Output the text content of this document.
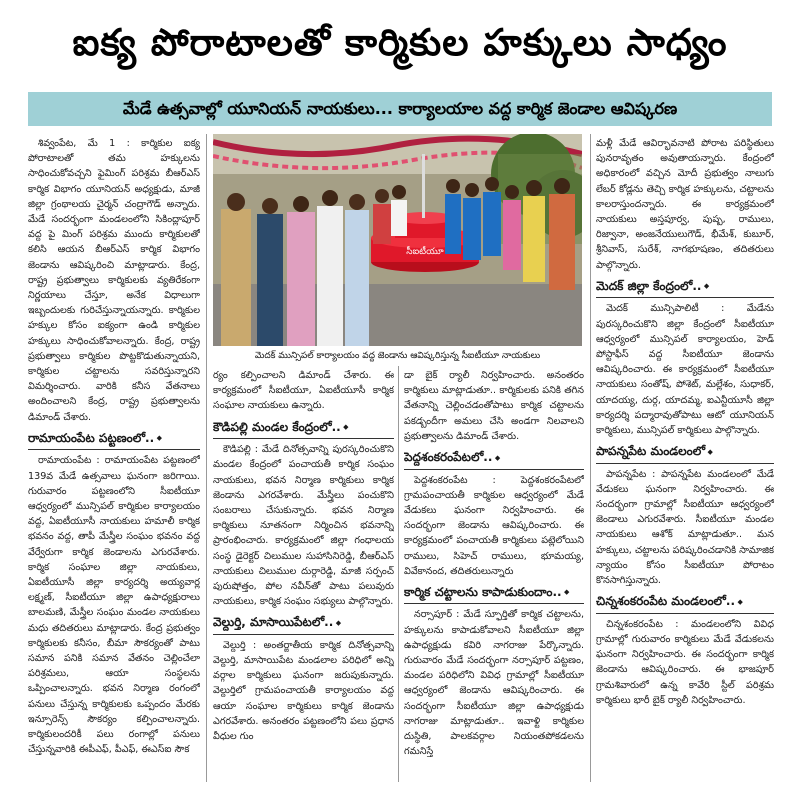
ఐక్య పోరాటాలతో కార్మికుల హక్కులు సాధ్యం
మేడే ఉత్సవాల్లో యూనియన్ నాయకులు... కార్యాలయాల వద్ద కార్మిక జెండాల ఆవిష్కరణ

శివ్వంపేట, మే 1 : కార్మికుల ఐక్య పోరాటాలతో తమ హక్కులను సాధించుకోవచ్చని ఫైమింగ్ పరిశ్రమ బీఆర్ఎస్ కార్మిక విభాగం యూనియన్ అధ్యక్షుడు, మాజీ జిల్లా గ్రంథాలయ చైర్మన్ చంద్రాగౌడ్ అన్నారు. మేడే సందర్భంగా మండలంలోని సికింద్లాపూర్ వద్ద పై మింగ్ పరిశ్రమ ముందు కార్మికులతో కలిసి ఆయన బీఆర్ఎస్ కార్మిక విభాగం జెండాను ఆవిష్కరించి మాట్లాడారు. కేంద్ర, రాష్ట్ర ప్రభుత్వాలు కార్మికులకు వ్యతిరేకంగా నిర్ణయాలు చేస్తూ, అనేక విధాలుగా ఇబ్బందులకు గురిచేస్తున్నాయన్నారు. కార్మికుల హక్కుల కోసం ఐక్యంగా ఉండి కార్మికుల హక్కులు సాధించుకోవాలన్నారు. కేంద్ర, రాష్ట్ర ప్రభుత్వాలు కార్మికుల పొట్టకొడుతున్నాయని, కార్మికుల చట్టాలను సవరిస్తున్నారని విమర్శించారు. వారికి కనీస వేతనాలు అందించాలని కేంద్ర, రాష్ట్ర ప్రభుత్వాలను డిమాండ్ చేశారు.

రామాయంపేట పట్టణంలో.. ◆

రామాయంపేట : రామాయంపేట పట్టణంలో 139వ మేడే ఉత్సవాలు ఘనంగా జరిగాయి. గురువారం పట్టణంలోని సీఐటీయూ ఆధ్వర్యంలో మున్సిపల్ కార్మికుల కార్యాలయం వద్ద, ఏఐటీయూసీ నాయకులు హమాలీ కార్మిక భవనం వద్ద, తాపీ మేస్త్రీల సంఘం భవనం వద్ద వేర్వేరుగా కార్మిక జెండాలను ఎగురవేశారు. కార్మిక సంఘాల జిల్లా నాయకులు, ఏఐటీయూసీ జిల్లా కార్యదర్శి అయ్యవార్ల లక్ష్మణ్, సీఐటీయూ జిల్లా ఉపాధ్యక్షురాలు బాలమణి, మేస్త్రీల సంఘం మండల నాయకులు మధు తదితరులు మాట్లాడారు. కేంద్ర ప్రభుత్వం కార్మికులకు కనీసం, బీమా సౌకర్యంతో పాటు సమాన పనికి సమాన వేతనం చెల్లించేలా పరిశ్రమలు, ఆయా సంస్థలను ఒప్పించాలన్నారు. భవన నిర్మాణ రంగంలో పనులు చేస్తున్న కార్మికులకు ఒప్పందం మేరకు ఇన్సూరెన్స్ సౌకర్యం కల్పించాలన్నారు. కార్మికులందరికీ పలు రంగాల్లో పనులు చేస్తున్నవారికి ఈపీఎఫ్, పీఎఫ్, ఈఎస్ఐ సౌక

సీఐటీయూ
మెదక్ మున్సిపల్ కార్యాలయం వద్ద జెండాను ఆవిష్కరిస్తున్న సీఐటీయూ నాయకులు

ర్యం కల్పించాలని డిమాండ్ చేశారు. ఈ కార్యక్రమంలో సీఐటీయూ, ఏఐటీయూసీ కార్మిక సంఘాల నాయకులు ఉన్నారు.

కౌడిపల్లి మండల కేంద్రంలో.. ◆

కౌడిపల్లి : మేడే దినోత్సవాన్ని పురస్కరించుకొని మండల కేంద్రంలో పంచాయతీ కార్మిక సంఘం నాయకులు, భవన నిర్మాణ కార్మికులు కార్మిక జెండాను ఎగరవేశారు. మేస్త్రీలు పంచుకొని సంబరాలు చేసుకున్నారు. భవన నిర్మాణ కార్మికులు నూతనంగా నిర్మించిన భవనాన్ని ప్రారంభించారు. కార్యక్రమంలో జిల్లా గంధాలయ సంస్థ డైరెక్టర్ చిలుముల సుహాసినిరెడ్డి, బీఆర్ఎస్ నాయకులు చిలుముల దుర్గారెడ్డి, మాజీ సర్పంచ్ పురుషోత్తం, పోల నవీన్‌తో పాటు పలువురు నాయకులు, కార్మిక సంఘం సభ్యులు పాల్గొన్నారు.

వెల్దుర్తి, మాసాయిపేటలో.. ◆

వెల్దుర్తి : అంతర్జాతీయ కార్మిక దినోత్సవాన్ని వెల్దుర్తి, మాసాయిపేట మండలాల పరిధిలో అన్ని వర్గాల కార్మికులు ఘనంగా జరుపుకున్నారు. వెల్దుర్తిలో గ్రామపంచాయతీ కార్యాలయం వద్ద ఆయా సంఘాల కార్మికులు కార్మిక జెండాను ఎగరవేశారు. అనంతరం పట్టణంలోని పలు ప్రధాన వీధుల గుం

డా బైక్ ర్యాలీ నిర్వహించారు. అనంతరం కార్మికులు మాట్లాడుతూ.. కార్మికులకు పనికి తగిన వేతనాన్ని చెల్లించడంతోపాటు కార్మిక చట్టాలను పకడ్బందీగా అమలు చేసి అండగా నిలవాలని ప్రభుత్వాలను డిమాండ్ చేశారు.

పెద్దశంకరంపేటలో.. ◆

పెద్దశంకరంపేట : పెద్దశంకరంపేటలో గ్రామపంచాయతీ కార్మికుల ఆధ్వర్యంలో మేడే వేడుకలు ఘనంగా నిర్వహించారు. ఈ సందర్భంగా జెండాను ఆవిష్కరించారు. ఈ కార్యక్రమంలో పంచాయతీ కార్మికులు పట్లెలోయిని రాములు, సిహెచ్ రాములు, భూమయ్య, వివేకానంద, తదితరులున్నారు

కార్మిక చట్టాలను కాపాడుకుందాం.. ◆

నర్సాపూర్ : మేడే స్ఫూర్తితో కార్మిక చట్టాలను, హక్కులను కాపాడుకోవాలని సీఐటీయూ జిల్లా ఉపాధ్యక్షుడు కవిరి నాగరాజు పేర్కొన్నారు. గురువారం మేడే సందర్భంగా నర్సాపూర్ పట్టణం, మండల పరిధిలోని వివిధ గ్రామాల్లో సీఐటీయూ ఆధ్వర్యంలో జెండాను ఆవిష్కరించారు. ఈ సందర్భంగా సీఐటీయూ జిల్లా ఉపాధ్యక్షుడు నాగరాజు మాట్లాడుతూ.. ఇవాళ్టి కార్మికుల దుస్థితి, పాలకవర్గాల నియంతపోకడలను గమనిస్తే

మళ్లీ మేడే ఆవిర్భావనాటి పోరాట పరిస్థితులు పునరావృతం అవుతాయన్నారు. కేంద్రంలో అధికారంలో వచ్చిన మోదీ ప్రభుత్వం నాలుగు లేబర్ కోడ్లను తెచ్చి కార్మిక హక్కులను, చట్టాలను కాలరాస్తుందన్నారు. ఈ కార్యక్రమంలో నాయకులు అస్తపూర్వ, పుష్ప, రాములు, రిజ్వానా, అంజనేయులుగౌడ్, భీమేశ్, కుబూర్, శ్రీనివాస్, సురేశ్, నాగభూషణం, తదితరులు పాల్గొన్నారు.

మెదక్ జిల్లా కేంద్రంలో.. ◆

మెదక్ మున్సిపాలిటీ : మేడేను పురస్కరించుకొని జిల్లా కేంద్రంలో సీఐటీయూ ఆధ్వర్యంలో మున్సిపల్ కార్యాలయం, హెడ్ పోస్టాఫీస్ వద్ద సీఐటీయూ జెండాను ఆవిష్కరించారు. ఈ కార్యక్రమంలో సీఐటీయూ నాయకులు సంతోష్, పోశెట్, మల్లేశం, సుధాకర్, యాదయ్య, దుర్గ, యాదమ్మ, ఐఎన్టీయూసీ జిల్లా కార్యదర్శి పద్మారావుతోపాటు ఆటో యూనియన్ కార్మికులు, మున్సిపల్ కార్మికులు పాల్గొన్నారు.

పాపన్నపేట మండలంలో ◆

పాపన్నపేట : పాపన్నపేట మండలంలో మేడే వేడుకలు ఘనంగా నిర్వహించారు. ఈ సందర్భంగా గ్రామాల్లో సీఐటీయూ ఆధ్వర్యంలో జెండాలు ఎగురవేశారు. సీఐటీయూ మండల నాయకులు ఆశోక్ మాట్లాడుతూ.. మన హక్కులు, చట్టాలను పరిష్కరించడానికి సామాజిక న్యాయం కోసం సీఐటీయూ పోరాటం కొనసాగిస్తున్నారు.

చిన్నశంకరంపేట మండలంలో.. ◆

చిన్నశంకరంపేట : మండలంలోని వివిధ గ్రామాల్లో గురువారం కార్మికులు మేడే వేడుకలను ఘనంగా నిర్వహించారు. ఈ సందర్భంగా కార్మిక జెండాను ఆవిష్కరించారు. ఈ భాజపూర్ గ్రామశివారులో ఉన్న కావేరి స్టీల్ పరిశ్రమ కార్మికులు భారీ బైక్ ర్యాలీ నిర్వహించారు.
